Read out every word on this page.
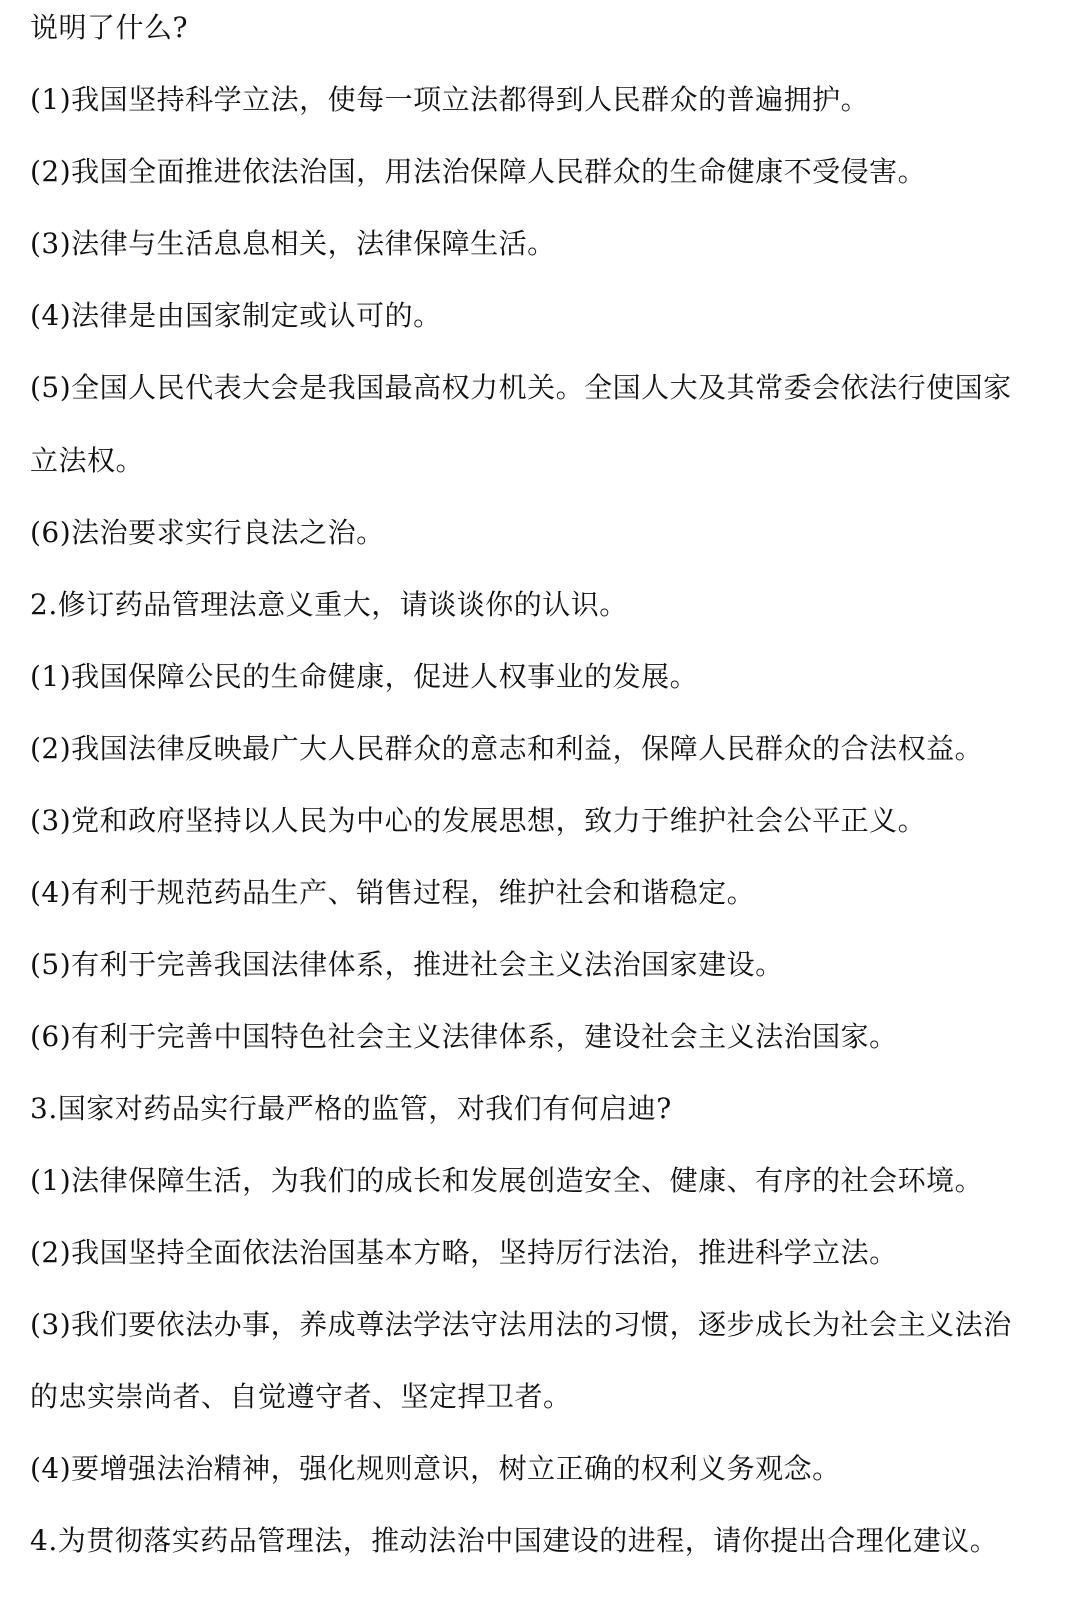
说明了什么?
(1)我国坚持科学立法，使每一项立法都得到人民群众的普遍拥护。
(2)我国全面推进依法治国，用法治保障人民群众的生命健康不受侵害。
(3)法律与生活息息相关，法律保障生活。
(4)法律是由国家制定或认可的。
(5)全国人民代表大会是我国最高权力机关。全国人大及其常委会依法行使国家
立法权。
(6)法治要求实行良法之治。
2.修订药品管理法意义重大，请谈谈你的认识。
(1)我国保障公民的生命健康，促进人权事业的发展。
(2)我国法律反映最广大人民群众的意志和利益，保障人民群众的合法权益。
(3)党和政府坚持以人民为中心的发展思想，致力于维护社会公平正义。
(4)有利于规范药品生产、销售过程，维护社会和谐稳定。
(5)有利于完善我国法律体系，推进社会主义法治国家建设。
(6)有利于完善中国特色社会主义法律体系，建设社会主义法治国家。
3.国家对药品实行最严格的监管，对我们有何启迪?
(1)法律保障生活，为我们的成长和发展创造安全、健康、有序的社会环境。
(2)我国坚持全面依法治国基本方略，坚持厉行法治，推进科学立法。
(3)我们要依法办事，养成尊法学法守法用法的习惯，逐步成长为社会主义法治
的忠实崇尚者、自觉遵守者、坚定捍卫者。
(4)要增强法治精神，强化规则意识，树立正确的权利义务观念。
4.为贯彻落实药品管理法，推动法治中国建设的进程，请你提出合理化建议。
